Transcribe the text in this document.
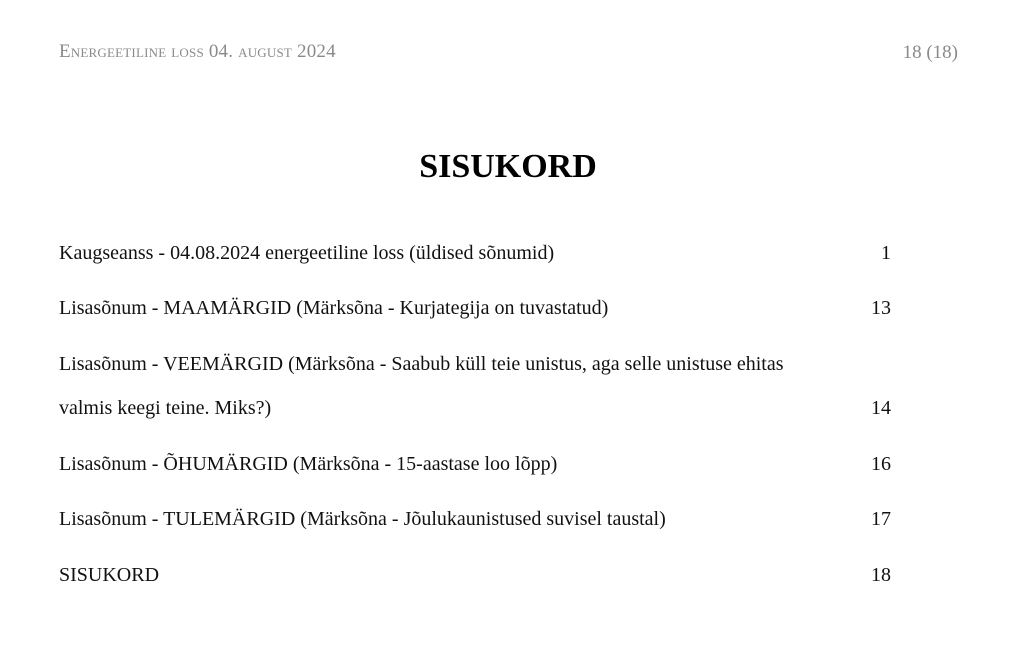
Energeetiline loss 04. august 2024	18 (18)
SISUKORD
Kaugseanss - 04.08.2024 energeetiline loss (üldised sõnumid)	1
Lisasõnum - MAAMÄRGID (Märksõna - Kurjategija on tuvastatud)	13
Lisasõnum - VEEMÄRGID (Märksõna - Saabub küll teie unistus, aga selle unistuse ehitas
valmis keegi teine. Miks?)	14
Lisasõnum - ÕHUMÄRGID (Märksõna - 15-aastase loo lõpp)	16
Lisasõnum - TULEMÄRGID (Märksõna - Jõulukaunistused suvisel taustal)	17
SISUKORD	18
